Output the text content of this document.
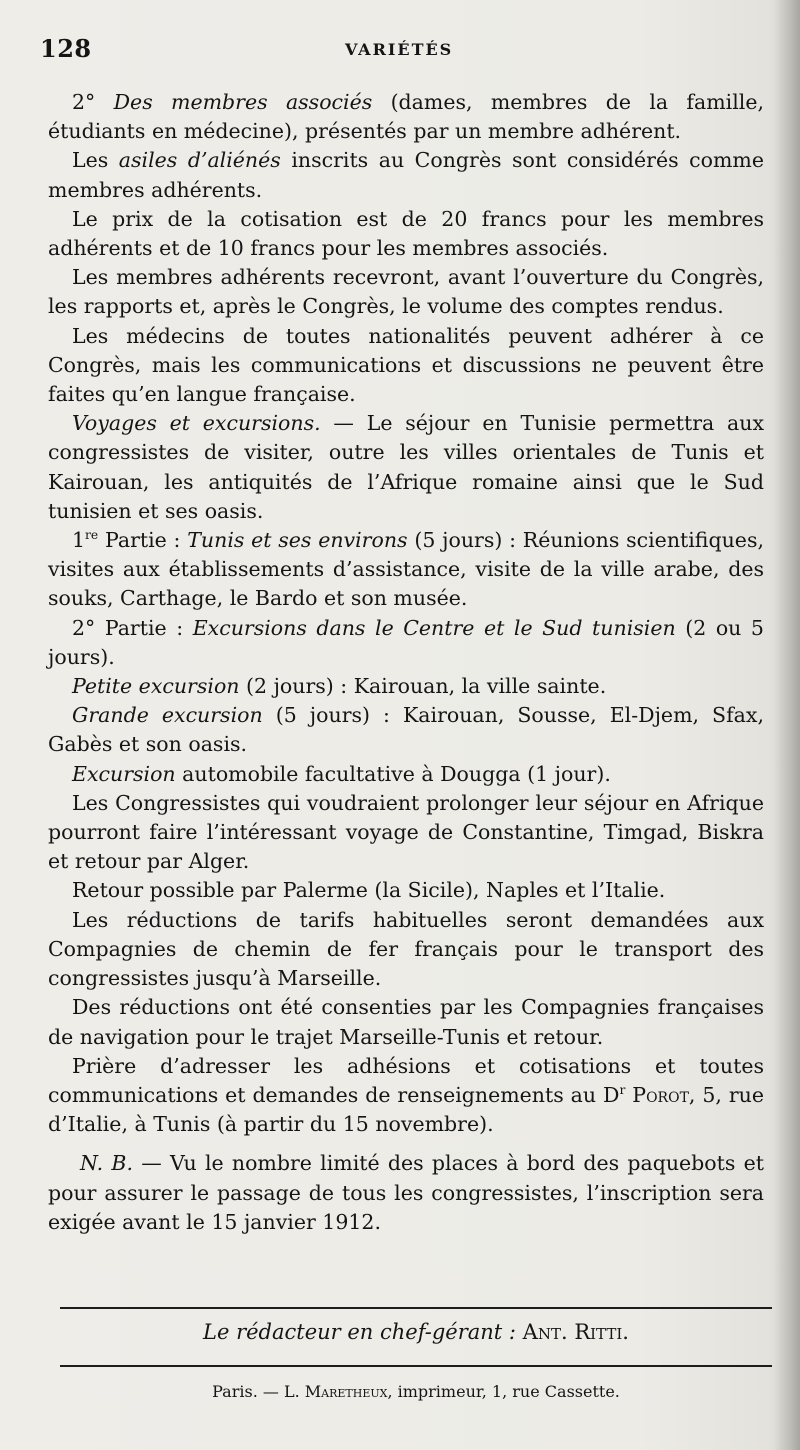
128	VARIÉTÉS

2° Des membres associés (dames, membres de la famille, étudiants en médecine), présentés par un membre adhérent.

Les asiles d’aliénés inscrits au Congrès sont considérés comme membres adhérents.

Le prix de la cotisation est de 20 francs pour les membres adhérents et de 10 francs pour les membres associés.

Les membres adhérents recevront, avant l’ouverture du Congrès, les rapports et, après le Congrès, le volume des comptes rendus.

Les médecins de toutes nationalités peuvent adhérer à ce Congrès, mais les communications et discussions ne peuvent être faites qu’en langue française.

Voyages et excursions. — Le séjour en Tunisie permettra aux congressistes de visiter, outre les villes orientales de Tunis et Kairouan, les antiquités de l’Afrique romaine ainsi que le Sud tunisien et ses oasis.

1re Partie : Tunis et ses environs (5 jours) : Réunions scientifiques, visites aux établissements d’assistance, visite de la ville arabe, des souks, Carthage, le Bardo et son musée.

2° Partie : Excursions dans le Centre et le Sud tunisien (2 ou 5 jours).

Petite excursion (2 jours) : Kairouan, la ville sainte.

Grande excursion (5 jours) : Kairouan, Sousse, El-Djem, Sfax, Gabès et son oasis.

Excursion automobile facultative à Dougga (1 jour).

Les Congressistes qui voudraient prolonger leur séjour en Afrique pourront faire l’intéressant voyage de Constantine, Timgad, Biskra et retour par Alger.

Retour possible par Palerme (la Sicile), Naples et l’Italie.

Les réductions de tarifs habituelles seront demandées aux Compagnies de chemin de fer français pour le transport des congressistes jusqu’à Marseille.

Des réductions ont été consenties par les Compagnies françaises de navigation pour le trajet Marseille-Tunis et retour.

Prière d’adresser les adhésions et cotisations et toutes communications et demandes de renseignements au $D^r$ Porot, 5, rue d’Italie, à Tunis (à partir du 15 novembre).

N. B. — Vu le nombre limité des places à bord des paquebots et pour assurer le passage de tous les congressistes, l’inscription sera exigée avant le 15 janvier 1912.

Le rédacteur en chef-gérant : Ant. Ritti.
Paris. — L. Maretheux, imprimeur, 1, rue Cassette.
